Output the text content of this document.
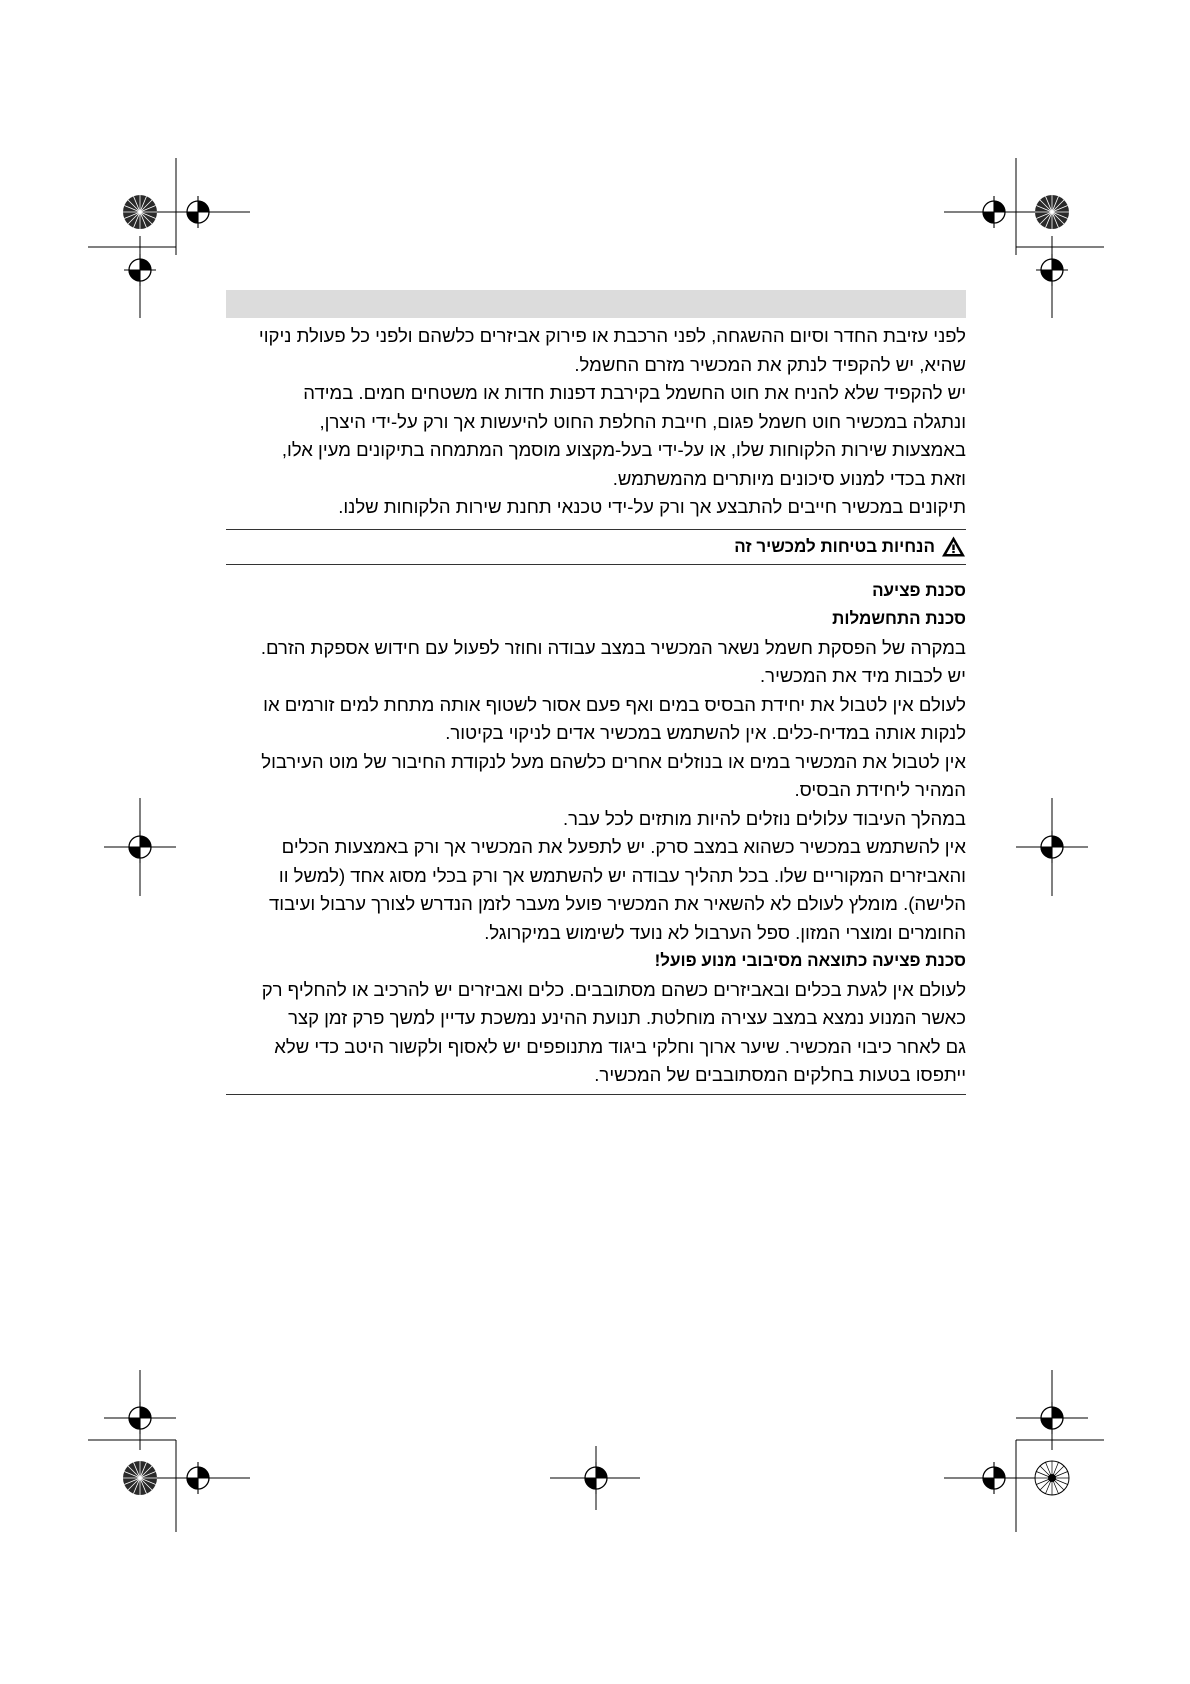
לפני עזיבת החדר וסיום ההשגחה, לפני הרכבת או פירוק אביזרים כלשהם ולפני כל פעולת ניקוי
שהיא, יש להקפיד לנתק את המכשיר מזרם החשמל.

יש להקפיד שלא להניח את חוט החשמל בקירבת דפנות חדות או משטחים חמים. במידה
ונתגלה במכשיר חוט חשמל פגום, חייבת החלפת החוט להיעשות אך ורק על-ידי היצרן,
באמצעות שירות הלקוחות שלו, או על-ידי בעל-מקצוע מוסמך המתמחה בתיקונים מעין אלו,
וזאת בכדי למנוע סיכונים מיותרים מהמשתמש.

תיקונים במכשיר חייבים להתבצע אך ורק על-ידי טכנאי תחנת שירות הלקוחות שלנו.

הנחיות בטיחות למכשיר זה

סכנת פציעה

סכנת התחשמלות

במקרה של הפסקת חשמל נשאר המכשיר במצב עבודה וחוזר לפעול עם חידוש אספקת הזרם.
יש לכבות מיד את המכשיר.

לעולם אין לטבול את יחידת הבסיס במים ואף פעם אסור לשטוף אותה מתחת למים זורמים או
לנקות אותה במדיח-כלים. אין להשתמש במכשיר אדים לניקוי בקיטור.

אין לטבול את המכשיר במים או בנוזלים אחרים כלשהם מעל לנקודת החיבור של מוט העירבול
המהיר ליחידת הבסיס.

במהלך העיבוד עלולים נוזלים להיות מותזים לכל עבר.

אין להשתמש במכשיר כשהוא במצב סרק. יש לתפעל את המכשיר אך ורק באמצעות הכלים
והאביזרים המקוריים שלו. בכל תהליך עבודה יש להשתמש אך ורק בכלי מסוג אחד (למשל וו
הלישה). מומלץ לעולם לא להשאיר את המכשיר פועל מעבר לזמן הנדרש לצורך ערבול ועיבוד
החומרים ומוצרי המזון. ספל הערבול לא נועד לשימוש במיקרוגל.

סכנת פציעה כתוצאה מסיבובי מנוע פועל!

לעולם אין לגעת בכלים ובאביזרים כשהם מסתובבים. כלים ואביזרים יש להרכיב או להחליף רק
כאשר המנוע נמצא במצב עצירה מוחלטת. תנועת ההינע נמשכת עדיין למשך פרק זמן קצר
גם לאחר כיבוי המכשיר. שיער ארוך וחלקי ביגוד מתנופפים יש לאסוף ולקשור היטב כדי שלא
ייתפסו בטעות בחלקים המסתובבים של המכשיר.
